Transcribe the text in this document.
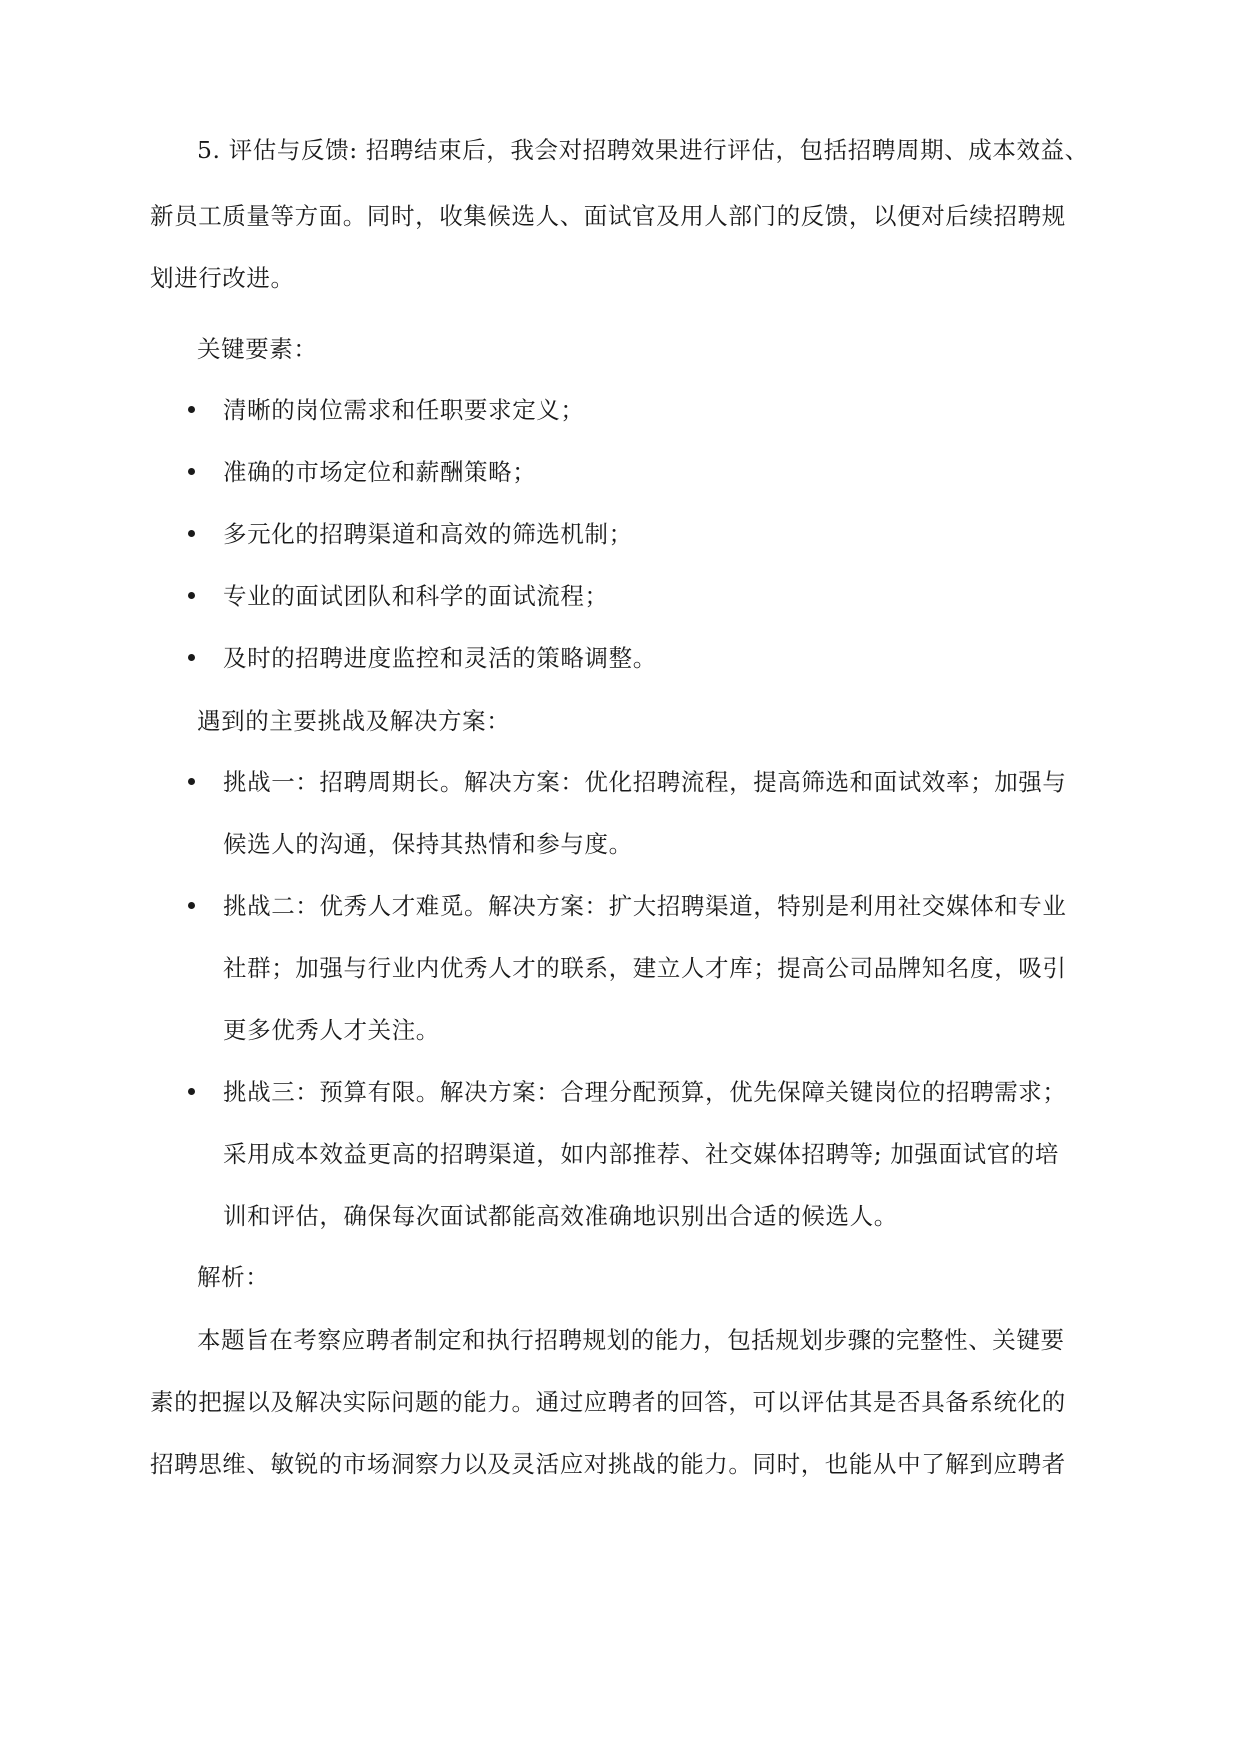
5. 评估与反馈: 招聘结束后，我会对招聘效果进行评估，包括招聘周期、成本效益、
新员工质量等方面。同时，收集候选人、面试官及用人部门的反馈，以便对后续招聘规
划进行改进。
关键要素：
清晰的岗位需求和任职要求定义；
准确的市场定位和薪酬策略；
多元化的招聘渠道和高效的筛选机制；
专业的面试团队和科学的面试流程；
及时的招聘进度监控和灵活的策略调整。
遇到的主要挑战及解决方案：
挑战一：招聘周期长。解决方案：优化招聘流程，提高筛选和面试效率；加强与
候选人的沟通，保持其热情和参与度。
挑战二：优秀人才难觅。解决方案：扩大招聘渠道，特别是利用社交媒体和专业
社群；加强与行业内优秀人才的联系，建立人才库；提高公司品牌知名度，吸引
更多优秀人才关注。
挑战三：预算有限。解决方案：合理分配预算，优先保障关键岗位的招聘需求；
采用成本效益更高的招聘渠道，如内部推荐、社交媒体招聘等; 加强面试官的培
训和评估，确保每次面试都能高效准确地识别出合适的候选人。
解析：
本题旨在考察应聘者制定和执行招聘规划的能力，包括规划步骤的完整性、关键要
素的把握以及解决实际问题的能力。通过应聘者的回答，可以评估其是否具备系统化的
招聘思维、敏锐的市场洞察力以及灵活应对挑战的能力。同时，也能从中了解到应聘者
